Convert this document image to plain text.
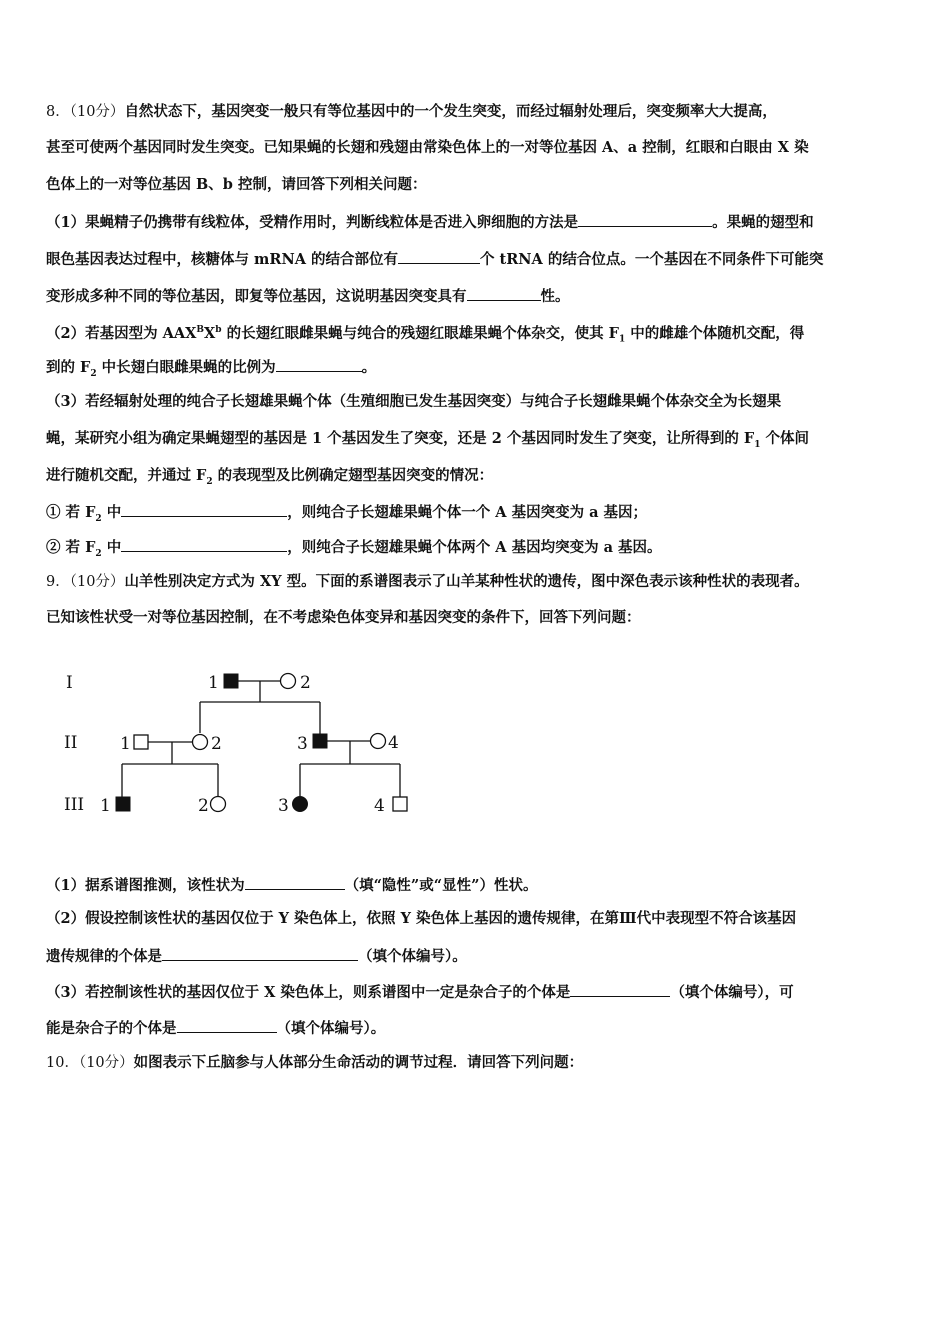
8．（10分）自然状态下，基因突变一般只有等位基因中的一个发生突变，而经过辐射处理后，突变频率大大提高，
甚至可使两个基因同时发生突变。已知果蝇的长翅和残翅由常染色体上的一对等位基因 A、a 控制，红眼和白眼由 X 染
色体上的一对等位基因 B、b 控制，请回答下列相关问题：
（1）果蝇精子仍携带有线粒体，受精作用时，判断线粒体是否进入卵细胞的方法是	。果蝇的翅型和
眼色基因表达过程中，核糖体与 mRNA 的结合部位有	个 tRNA 的结合位点。一个基因在不同条件下可能突
变形成多种不同的等位基因，即复等位基因，这说明基因突变具有	性。
（2）若基因型为 $AAX^BX^b$ 的长翅红眼雌果蝇与纯合的残翅红眼雄果蝇个体杂交，使其 $F_1$ 中的雌雄个体随机交配，得
到的 $F_2$ 中长翅白眼雌果蝇的比例为	。
（3）若经辐射处理的纯合子长翅雄果蝇个体（生殖细胞已发生基因突变）与纯合子长翅雌果蝇个体杂交全为长翅果
蝇，某研究小组为确定果蝇翅型的基因是 1 个基因发生了突变，还是 2 个基因同时发生了突变，让所得到的 $F_1$ 个体间
进行随机交配，并通过 $F_2$ 的表现型及比例确定翅型基因突变的情况：
① 若 $F_2$ 中	，则纯合子长翅雄果蝇个体一个 A 基因突变为 a 基因；
② 若 $F_2$ 中	，则纯合子长翅雄果蝇个体两个 A 基因均突变为 a 基因。
9．（10分）山羊性别决定方式为 XY 型。下面的系谱图表示了山羊某种性状的遗传，图中深色表示该种性状的表现者。
已知该性状受一对等位基因控制，在不考虑染色体变异和基因突变的条件下，回答下列问题：
I
II
III
1	2
1	2	3	4
1	2	3	4
（1）据系谱图推测，该性状为	（填“隐性”或“显性”）性状。
（2）假设控制该性状的基因仅位于 Y 染色体上，依照 Y 染色体上基因的遗传规律，在第Ⅲ代中表现型不符合该基因
遗传规律的个体是	（填个体编号）。
（3）若控制该性状的基因仅位于 X 染色体上，则系谱图中一定是杂合子的个体是	（填个体编号），可
能是杂合子的个体是	（填个体编号）。
10．（10分）如图表示下丘脑参与人体部分生命活动的调节过程．请回答下列问题：
